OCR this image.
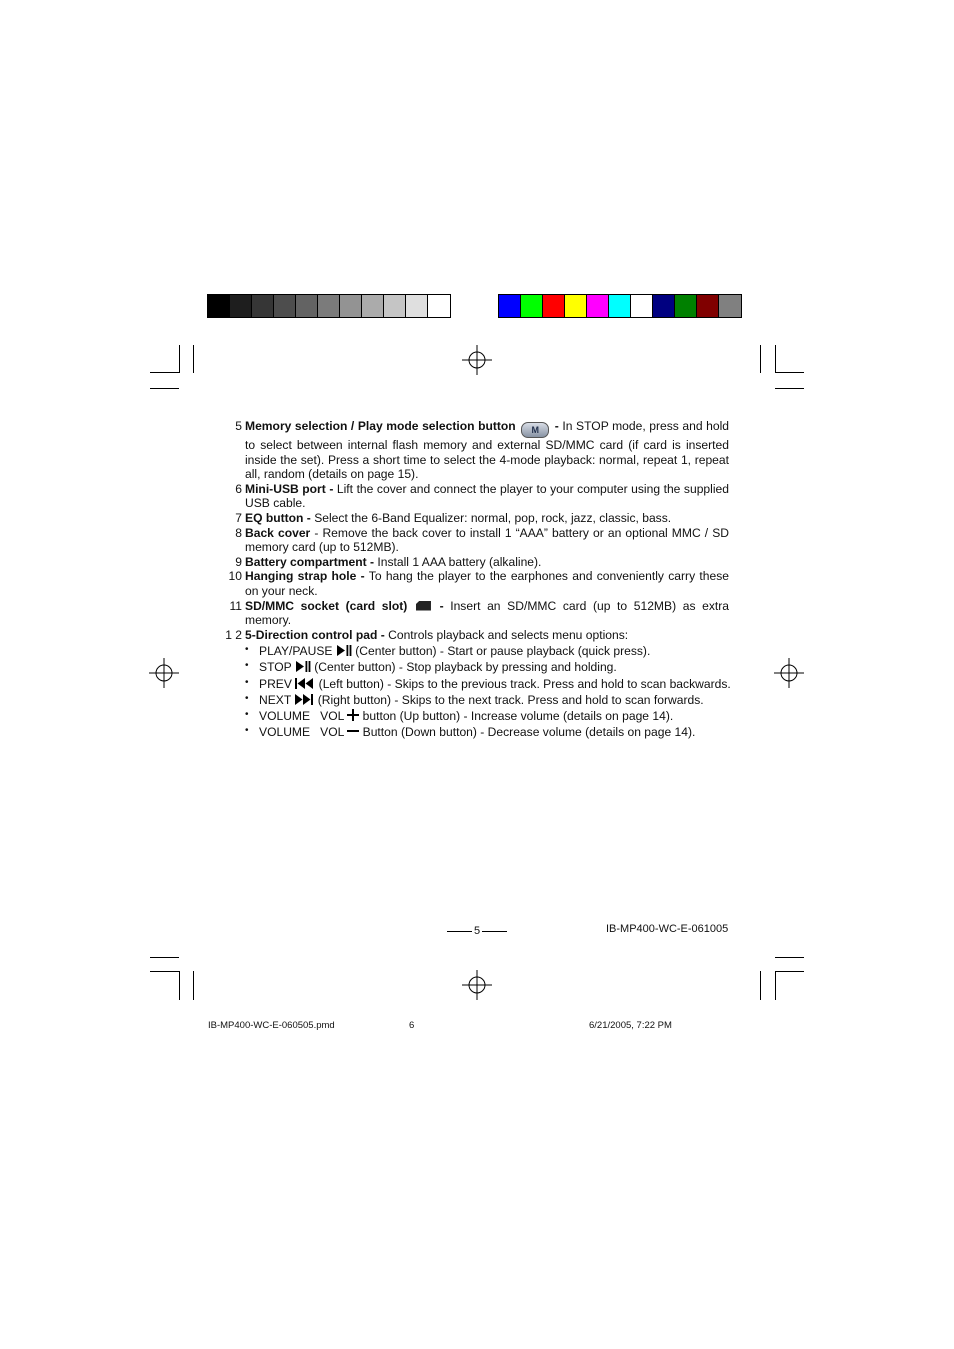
5 Memory selection / Play mode selection button M - In STOP mode, press and hold to select between internal flash memory and external SD/MMC card (if card is inserted inside the set). Press a short time to select the 4-mode playback: normal, repeat 1, repeat all, random (details on page 15).
6 Mini-USB port - Lift the cover and connect the player to your computer using the supplied USB cable.
7 EQ button - Select the 6-Band Equalizer: normal, pop, rock, jazz, classic, bass.
8 Back cover - Remove the back cover to install 1 “AAA” battery or an optional MMC / SD memory card (up to 512MB).
9 Battery compartment - Install 1 AAA battery (alkaline).
10 Hanging strap hole - To hang the player to the earphones and conveniently carry these on your neck.
11 SD/MMC socket (card slot)  - Insert an SD/MMC card (up to 512MB) as extra memory.
1 2 5-Direction control pad - Controls playback and selects menu options:
• PLAY/PAUSE  (Center button) - Start or pause playback (quick press).
• STOP  (Center button) - Stop playback by pressing and holding.
• PREV  (Left button) - Skips to the previous track. Press and hold to scan backwards.
• NEXT  (Right button) - Skips to the next track. Press and hold to scan forwards.
• VOLUME   VOL  button (Up button) - Increase volume (details on page 14).
• VOLUME   VOL  Button (Down button) - Decrease volume (details on page 14).
5	IB-MP400-WC-E-061005
IB-MP400-WC-E-060505.pmd	6	6/21/2005, 7:22 PM
